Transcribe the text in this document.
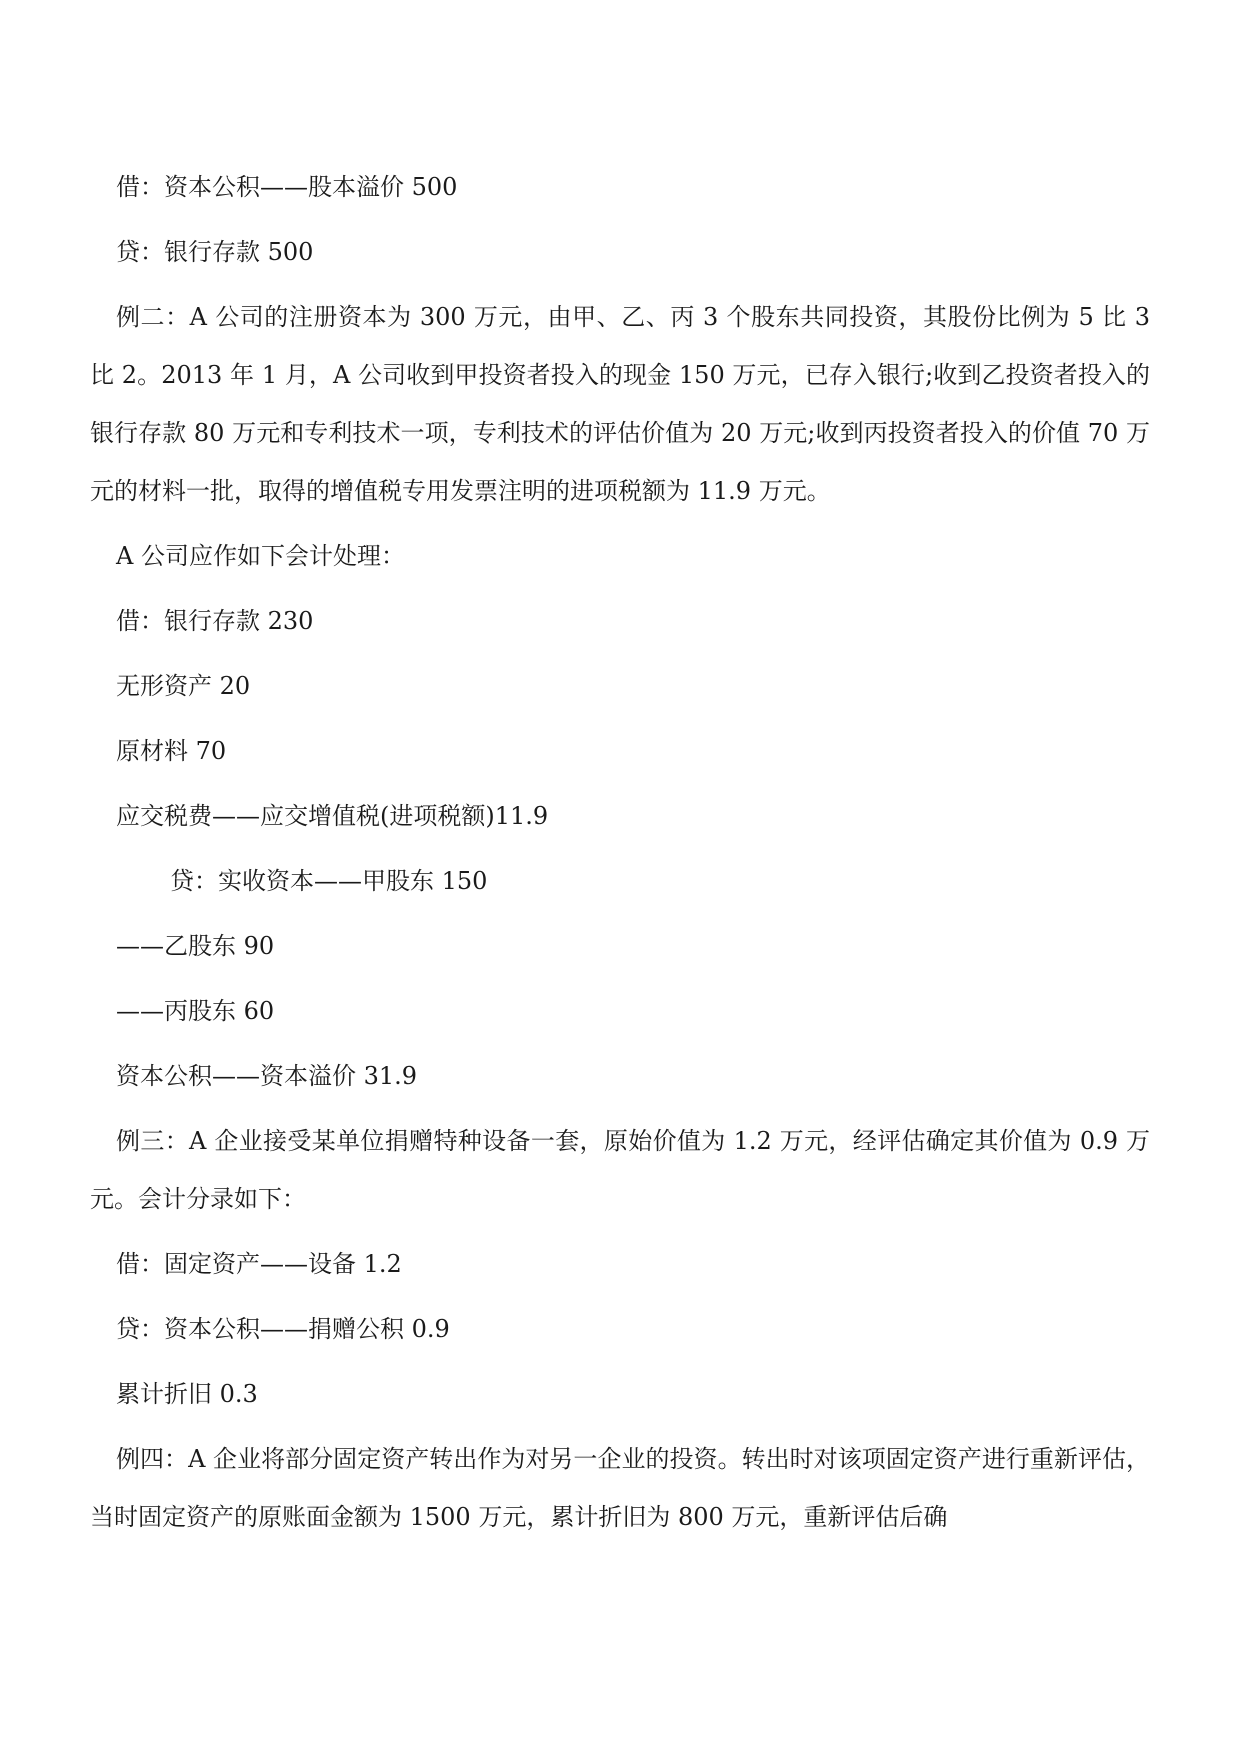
借：资本公积——股本溢价 500
贷：银行存款 500
例二：A 公司的注册资本为 300 万元，由甲、乙、丙 3 个股东共同投资，其股份比例为 5 比 3 比 2。2013 年 1 月，A 公司收到甲投资者投入的现金 150 万元，已存入银行;收到乙投资者投入的银行存款 80 万元和专利技术一项，专利技术的评估价值为 20 万元;收到丙投资者投入的价值 70 万元的材料一批，取得的增值税专用发票注明的进项税额为 11.9 万元。
A 公司应作如下会计处理：
借：银行存款 230
无形资产 20
原材料 70
应交税费——应交增值税(进项税额)11.9
贷：实收资本——甲股东 150
——乙股东 90
——丙股东 60
资本公积——资本溢价 31.9
例三：A 企业接受某单位捐赠特种设备一套，原始价值为 1.2 万元，经评估确定其价值为 0.9 万元。会计分录如下：
借：固定资产——设备 1.2
贷：资本公积——捐赠公积 0.9
累计折旧 0.3
例四：A 企业将部分固定资产转出作为对另一企业的投资。转出时对该项固定资产进行重新评估，当时固定资产的原账面金额为 1500 万元，累计折旧为 800 万元，重新评估后确
